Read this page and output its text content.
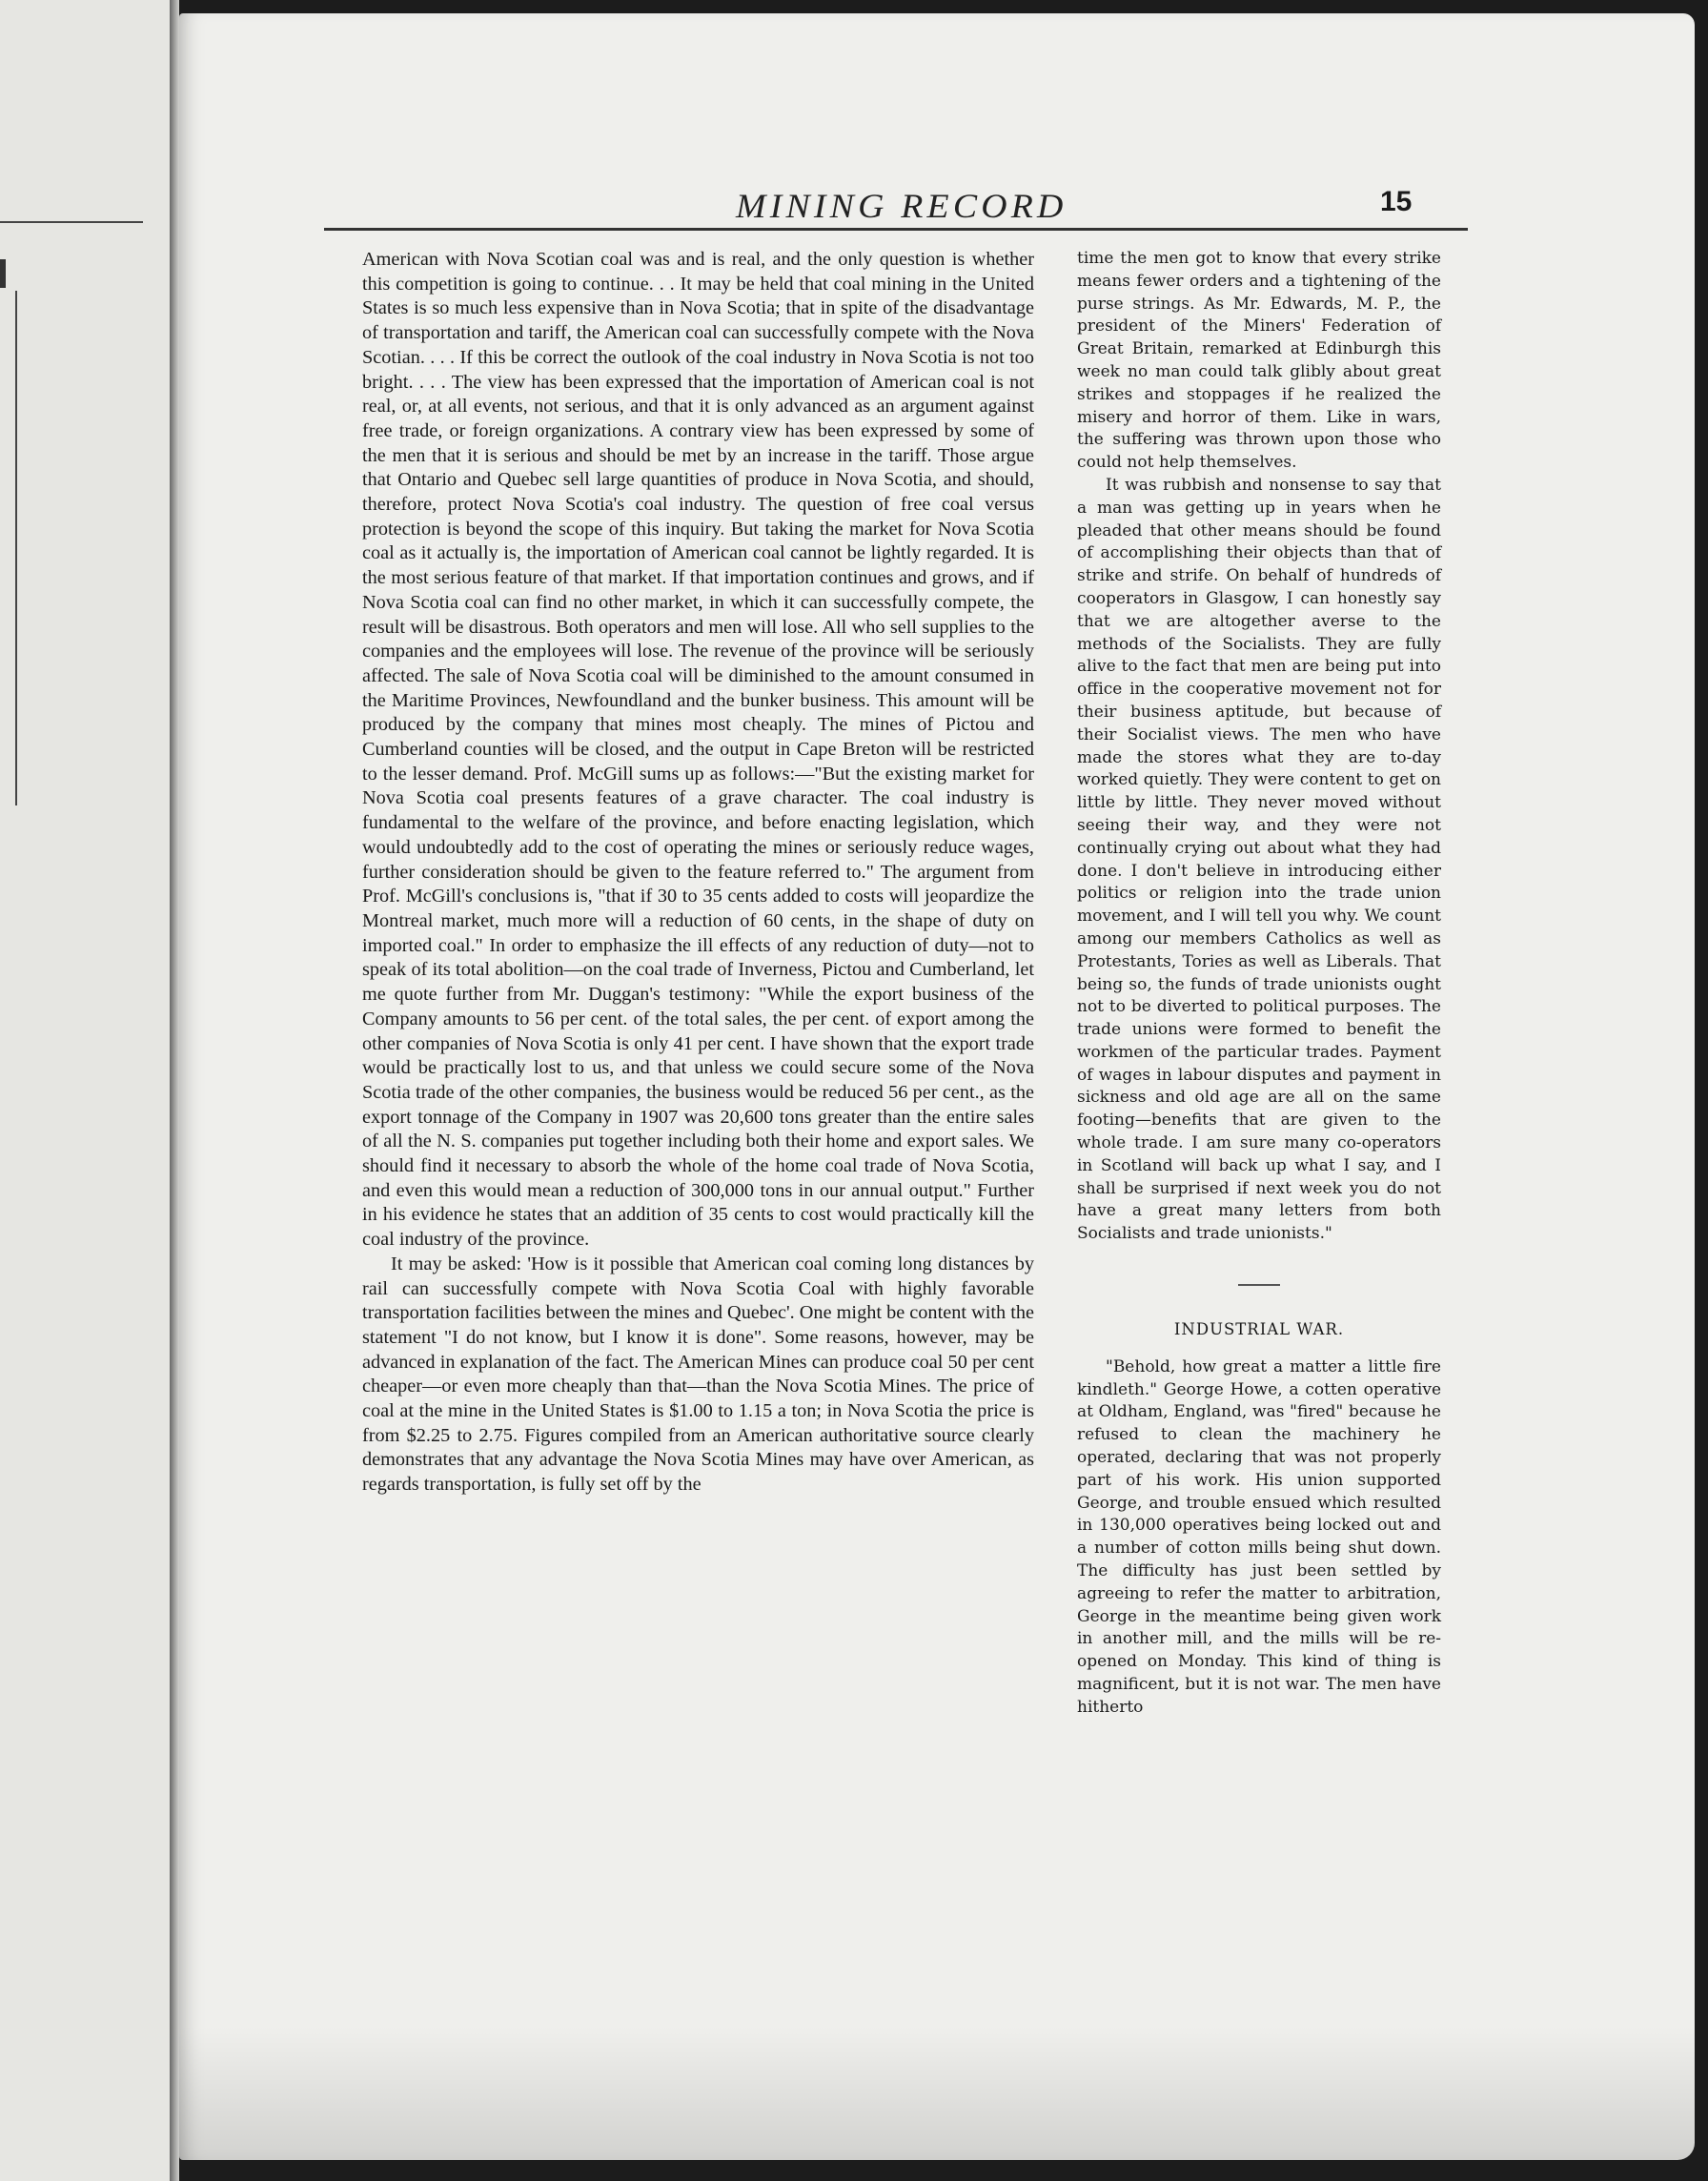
MINING RECORD	15

American with Nova Scotian coal was and is real, and the only question is whether this competition is going to continue. . . It may be held that coal mining in the United States is so much less expensive than in Nova Scotia; that in spite of the disadvantage of transportation and tariff, the American coal can successfully compete with the Nova Scotian. . . . If this be correct the outlook of the coal industry in Nova Scotia is not too bright. . . . The view has been expressed that the importation of American coal is not real, or, at all events, not serious, and that it is only advanced as an argument against free trade, or foreign organizations. A contrary view has been expressed by some of the men that it is serious and should be met by an increase in the tariff. Those argue that Ontario and Quebec sell large quantities of produce in Nova Scotia, and should, therefore, protect Nova Scotia's coal industry. The question of free coal versus protection is beyond the scope of this inquiry. But taking the market for Nova Scotia coal as it actually is, the importation of American coal cannot be lightly regarded. It is the most serious feature of that market. If that importation continues and grows, and if Nova Scotia coal can find no other market, in which it can successfully compete, the result will be disastrous. Both operators and men will lose. All who sell supplies to the companies and the employees will lose. The revenue of the province will be seriously affected. The sale of Nova Scotia coal will be diminished to the amount consumed in the Maritime Provinces, Newfoundland and the bunker business. This amount will be produced by the company that mines most cheaply. The mines of Pictou and Cumberland counties will be closed, and the output in Cape Breton will be restricted to the lesser demand. Prof. McGill sums up as follows:—"But the existing market for Nova Scotia coal presents features of a grave character. The coal industry is fundamental to the welfare of the province, and before enacting legislation, which would undoubtedly add to the cost of operating the mines or seriously reduce wages, further consideration should be given to the feature referred to." The argument from Prof. McGill's conclusions is, "that if 30 to 35 cents added to costs will jeopardize the Montreal market, much more will a reduction of 60 cents, in the shape of duty on imported coal." In order to emphasize the ill effects of any reduction of duty—not to speak of its total abolition—on the coal trade of Inverness, Pictou and Cumberland, let me quote further from Mr. Duggan's testimony: "While the export business of the Company amounts to 56 per cent. of the total sales, the per cent. of export among the other companies of Nova Scotia is only 41 per cent. I have shown that the export trade would be practically lost to us, and that unless we could secure some of the Nova Scotia trade of the other companies, the business would be reduced 56 per cent., as the export tonnage of the Company in 1907 was 20,600 tons greater than the entire sales of all the N. S. companies put together including both their home and export sales. We should find it necessary to absorb the whole of the home coal trade of Nova Scotia, and even this would mean a reduction of 300,000 tons in our annual output." Further in his evidence he states that an addition of 35 cents to cost would practically kill the coal industry of the province.

It may be asked: 'How is it possible that American coal coming long distances by rail can successfully compete with Nova Scotia Coal with highly favorable transportation facilities between the mines and Quebec'. One might be content with the statement "I do not know, but I know it is done". Some reasons, however, may be advanced in explanation of the fact. The American Mines can produce coal 50 per cent cheaper—or even more cheaply than that—than the Nova Scotia Mines. The price of coal at the mine in the United States is $1.00 to 1.15 a ton; in Nova Scotia the price is from $2.25 to 2.75. Figures compiled from an American authoritative source clearly demonstrates that any advantage the Nova Scotia Mines may have over American, as regards transportation, is fully set off by the

time the men got to know that every strike means fewer orders and a tightening of the purse strings. As Mr. Edwards, M. P., the president of the Miners' Federation of Great Britain, remarked at Edinburgh this week no man could talk glibly about great strikes and stoppages if he realized the misery and horror of them. Like in wars, the suffering was thrown upon those who could not help themselves.

It was rubbish and nonsense to say that a man was getting up in years when he pleaded that other means should be found of accomplishing their objects than that of strike and strife. On behalf of hundreds of cooperators in Glasgow, I can honestly say that we are altogether averse to the methods of the Socialists. They are fully alive to the fact that men are being put into office in the cooperative movement not for their business aptitude, but because of their Socialist views. The men who have made the stores what they are to-day worked quietly. They were content to get on little by little. They never moved without seeing their way, and they were not continually crying out about what they had done. I don't believe in introducing either politics or religion into the trade union movement, and I will tell you why. We count among our members Catholics as well as Protestants, Tories as well as Liberals. That being so, the funds of trade unionists ought not to be diverted to political purposes. The trade unions were formed to benefit the workmen of the particular trades. Payment of wages in labour disputes and payment in sickness and old age are all on the same footing—benefits that are given to the whole trade. I am sure many co-operators in Scotland will back up what I say, and I shall be surprised if next week you do not have a great many letters from both Socialists and trade unionists."

INDUSTRIAL WAR.

"Behold, how great a matter a little fire kindleth." George Howe, a cotten operative at Oldham, England, was "fired" because he refused to clean the machinery he operated, declaring that was not properly part of his work. His union supported George, and trouble ensued which resulted in 130,000 operatives being locked out and a number of cotton mills being shut down. The difficulty has just been settled by agreeing to refer the matter to arbitration, George in the meantime being given work in another mill, and the mills will be re-opened on Monday. This kind of thing is magnificent, but it is not war. The men have hitherto
